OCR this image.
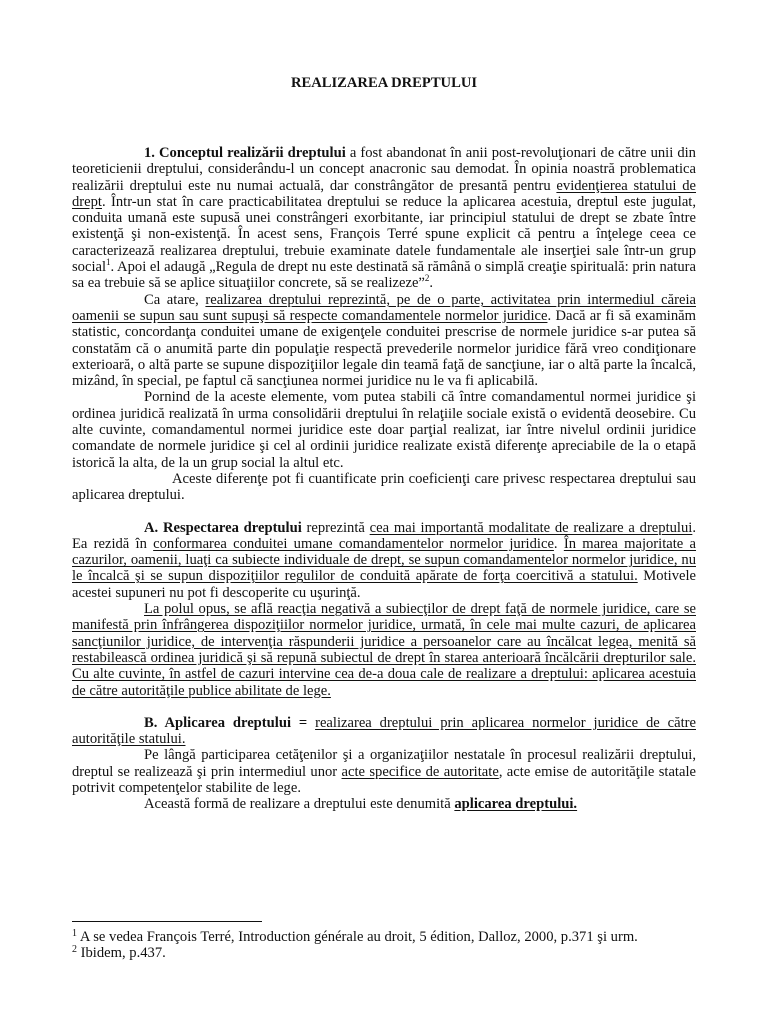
REALIZAREA DREPTULUI

1. Conceptul realizării dreptului a fost abandonat în anii post-revoluţionari de către unii din teoreticienii dreptului, considerându-l un concept anacronic sau demodat. În opinia noastră problematica realizării dreptului este nu numai actuală, dar constrângător de presantă pentru evidenţierea statului de drept. Într-un stat în care practicabilitatea dreptului se reduce la aplicarea acestuia, dreptul este jugulat, conduita umană este supusă unei constrângeri exorbitante, iar principiul statului de drept se zbate între existenţă şi non-existenţă. În acest sens, François Terré spune explicit că pentru a înţelege ceea ce caracterizează realizarea dreptului, trebuie examinate datele fundamentale ale inserţiei sale într-un grup social$^1$. Apoi el adaugă „Regula de drept nu este destinată să rămână o simplă creaţie spirituală: prin natura sa ea trebuie să se aplice situaţiilor concrete, să se realizeze”$^2$.

Ca atare, realizarea dreptului reprezintă, pe de o parte, activitatea prin intermediul căreia oamenii se supun sau sunt supuşi să respecte comandamentele normelor juridice. Dacă ar fi să examinăm statistic, concordanţa conduitei umane de exigenţele conduitei prescrise de normele juridice s-ar putea să constatăm că o anumită parte din populaţie respectă prevederile normelor juridice fără vreo condiţionare exterioară, o altă parte se supune dispoziţiilor legale din teamă faţă de sancţiune, iar o altă parte la încalcă, mizând, în special, pe faptul că sancţiunea normei juridice nu le va fi aplicabilă.

Pornind de la aceste elemente, vom putea stabili că între comandamentul normei juridice şi ordinea juridică realizată în urma consolidării dreptului în relaţiile sociale există o evidentă deosebire. Cu alte cuvinte, comandamentul normei juridice este doar parţial realizat, iar între nivelul ordinii juridice comandate de normele juridice şi cel al ordinii juridice realizate există diferenţe apreciabile de la o etapă istorică la alta, de la un grup social la altul etc.

Aceste diferenţe pot fi cuantificate prin coeficienţi care privesc respectarea dreptului sau aplicarea dreptului.

A. Respectarea dreptului reprezintă cea mai importantă modalitate de realizare a dreptului. Ea rezidă în conformarea conduitei umane comandamentelor normelor juridice. În marea majoritate a cazurilor, oamenii, luaţi ca subiecte individuale de drept, se supun comandamentelor normelor juridice, nu le încalcă şi se supun dispoziţiilor regulilor de conduită apărate de forţa coercitivă a statului. Motivele acestei supuneri nu pot fi descoperite cu uşurinţă.

La polul opus, se află reacţia negativă a subiecţilor de drept faţă de normele juridice, care se manifestă prin înfrângerea dispoziţiilor normelor juridice, urmată, în cele mai multe cazuri, de aplicarea sancţiunilor juridice, de intervenţia răspunderii juridice a persoanelor care au încălcat legea, menită să restabilească ordinea juridică şi să repună subiectul de drept în starea anterioară încălcării drepturilor sale. Cu alte cuvinte, în astfel de cazuri intervine cea de-a doua cale de realizare a dreptului: aplicarea acestuia de către autorităţile publice abilitate de lege.

B. Aplicarea dreptului = realizarea dreptului prin aplicarea normelor juridice de către autorităţile statului.

Pe lângă participarea cetăţenilor şi a organizaţiilor nestatale în procesul realizării dreptului, dreptul se realizează şi prin intermediul unor acte specifice de autoritate, acte emise de autorităţile statale potrivit competenţelor stabilite de lege.

Această formă de realizare a dreptului este denumită aplicarea dreptului.

$^1$ A se vedea François Terré, Introduction générale au droit, 5 édition, Dalloz, 2000, p.371 şi urm.
$^2$ Ibidem, p.437.
